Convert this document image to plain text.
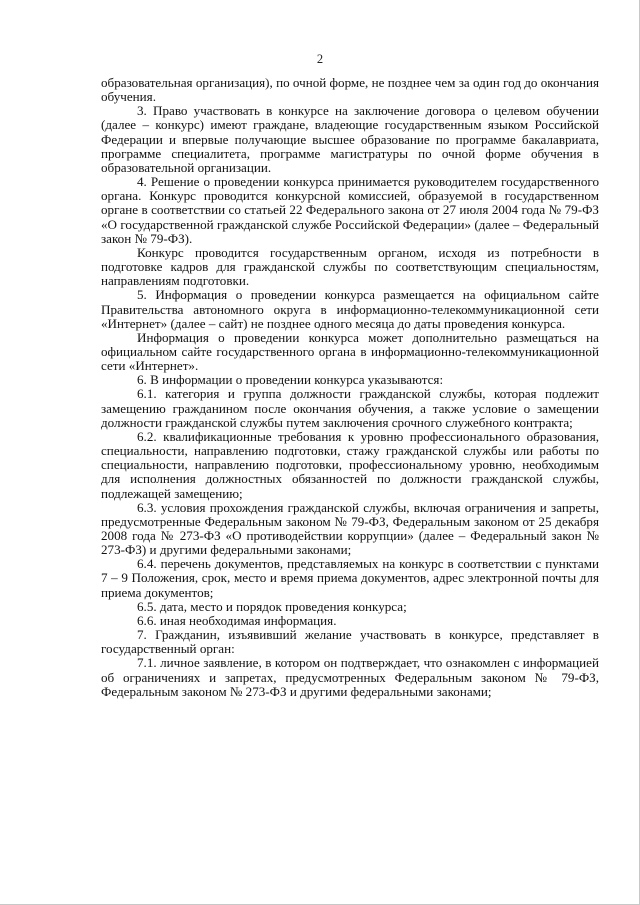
2

образовательная организация), по очной форме, не позднее чем за один год до окончания обучения.

3. Право участвовать в конкурсе на заключение договора о целевом обучении (далее – конкурс) имеют граждане, владеющие государственным языком Российской Федерации и впервые получающие высшее образование по программе бакалавриата, программе специалитета, программе магистратуры по очной форме обучения в образовательной организации.

4. Решение о проведении конкурса принимается руководителем государственного органа. Конкурс проводится конкурсной комиссией, образуемой в государственном органе в соответствии со статьей 22 Федерального закона от 27 июля 2004 года № 79-ФЗ «О государственной гражданской службе Российской Федерации» (далее – Федеральный закон № 79-ФЗ).

Конкурс проводится государственным органом, исходя из потребности в подготовке кадров для гражданской службы по соответствующим специальностям, направлениям подготовки.

5. Информация о проведении конкурса размещается на официальном сайте Правительства автономного округа в информационно-телекоммуникационной сети «Интернет» (далее – сайт) не позднее одного месяца до даты проведения конкурса.

Информация о проведении конкурса может дополнительно размещаться на официальном сайте государственного органа в информационно-телекоммуникационной сети «Интернет».

6. В информации о проведении конкурса указываются:

6.1. категория и группа должности гражданской службы, которая подлежит замещению гражданином после окончания обучения, а также условие о замещении должности гражданской службы путем заключения срочного служебного контракта;

6.2. квалификационные требования к уровню профессионального образования, специальности, направлению подготовки, стажу гражданской службы или работы по специальности, направлению подготовки, профессиональному уровню, необходимым для исполнения должностных обязанностей по должности гражданской службы, подлежащей замещению;

6.3. условия прохождения гражданской службы, включая ограничения и запреты, предусмотренные Федеральным законом № 79-ФЗ, Федеральным законом от 25 декабря 2008 года № 273-ФЗ «О противодействии коррупции» (далее – Федеральный закон № 273-ФЗ) и другими федеральными законами;

6.4. перечень документов, представляемых на конкурс в соответствии с пунктами 7 – 9 Положения, срок, место и время приема документов, адрес электронной почты для приема документов;

6.5. дата, место и порядок проведения конкурса;

6.6. иная необходимая информация.

7. Гражданин, изъявивший желание участвовать в конкурсе, представляет в государственный орган:

7.1. личное заявление, в котором он подтверждает, что ознакомлен с информацией об ограничениях и запретах, предусмотренных Федеральным законом № 79-ФЗ, Федеральным законом № 273-ФЗ и другими федеральными законами;
